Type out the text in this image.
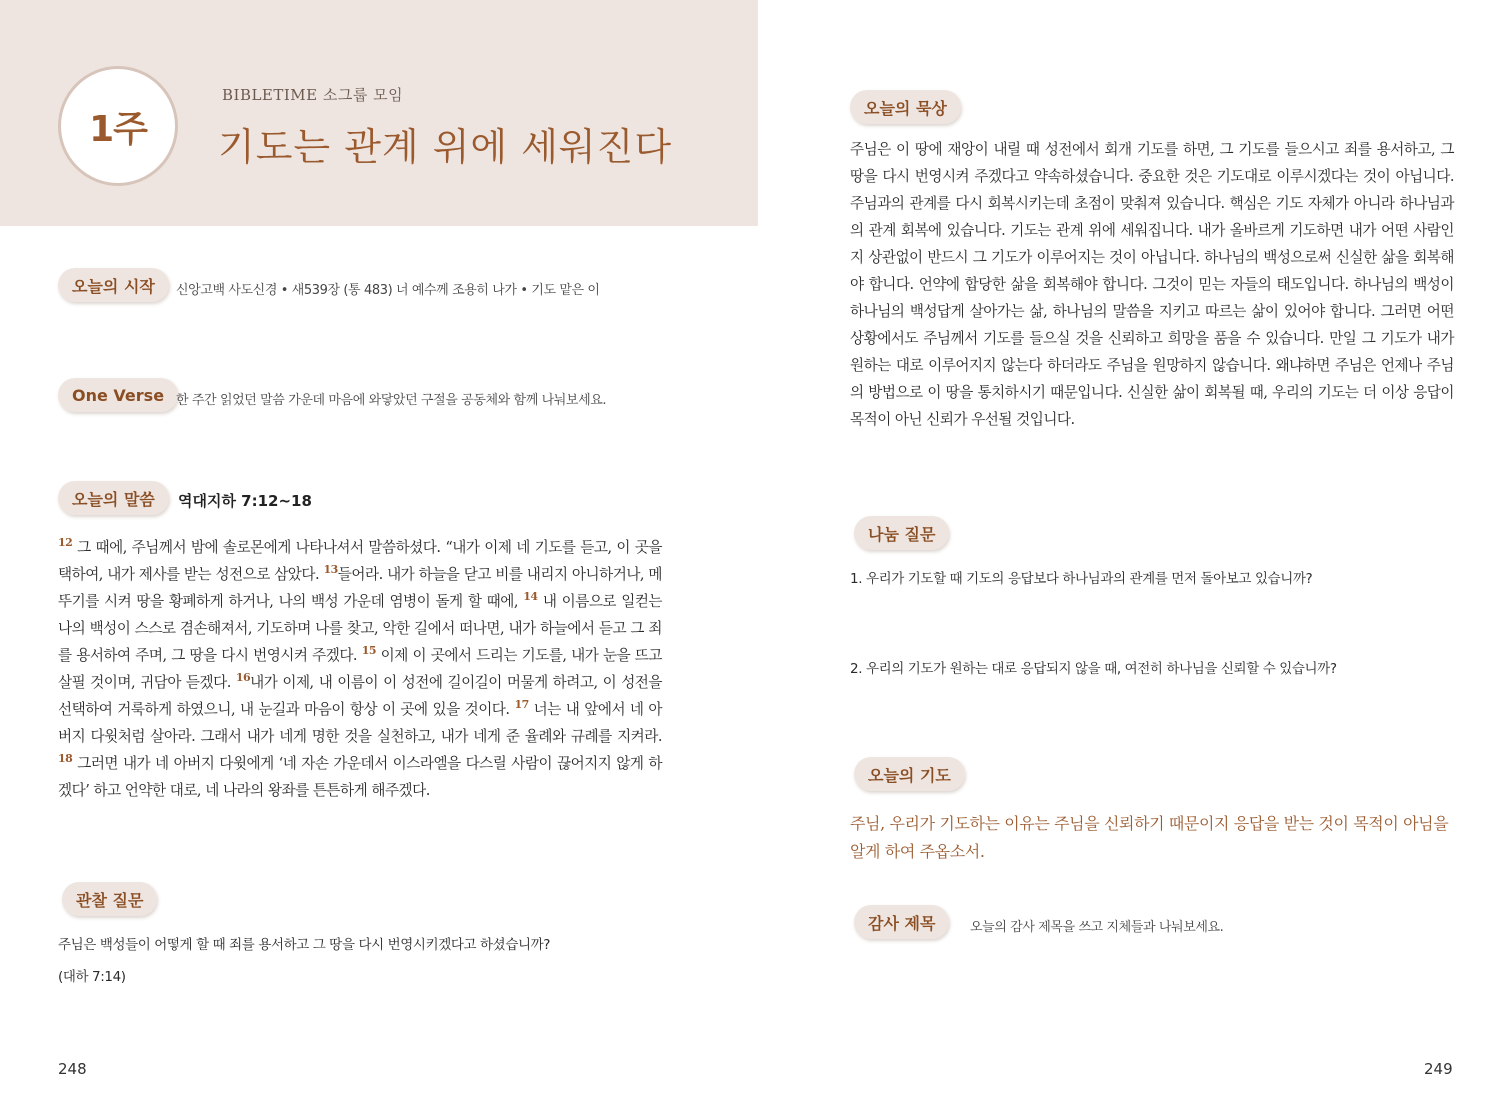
1주
BIBLETIME 소그룹 모임
기도는 관계 위에 세워진다
오늘의 시작	신앙고백 사도신경 • 새539장 (통 483) 너 예수께 조용히 나가 • 기도 맡은 이
One Verse 한 주간 읽었던 말씀 가운데 마음에 와닿았던 구절을 공동체와 함께 나눠보세요.
오늘의 말씀	역대지하 7:12~18
$^{12}$ 그 때에, 주님께서 밤에 솔로몬에게 나타나셔서 말씀하셨다. “내가 이제 네 기도를 듣고, 이 곳을 택하여, 내가 제사를 받는 성전으로 삼았다. $^{13}$들어라. 내가 하늘을 닫고 비를 내리지 아니하거나, 메뚜기를 시켜 땅을 황폐하게 하거나, 나의 백성 가운데 염병이 돌게 할 때에, $^{14}$ 내 이름으로 일컫는 나의 백성이 스스로 겸손해져서, 기도하며 나를 찾고, 악한 길에서 떠나면, 내가 하늘에서 듣고 그 죄를 용서하여 주며, 그 땅을 다시 번영시켜 주겠다. $^{15}$ 이제 이 곳에서 드리는 기도를, 내가 눈을 뜨고 살필 것이며, 귀담아 듣겠다. $^{16}$내가 이제, 내 이름이 이 성전에 길이길이 머물게 하려고, 이 성전을 선택하여 거룩하게 하였으니, 내 눈길과 마음이 항상 이 곳에 있을 것이다. $^{17}$ 너는 내 앞에서 네 아버지 다윗처럼 살아라. 그래서 내가 네게 명한 것을 실천하고, 내가 네게 준 율례와 규례를 지켜라. $^{18}$ 그러면 내가 네 아버지 다윗에게 ‘네 자손 가운데서 이스라엘을 다스릴 사람이 끊어지지 않게 하겠다’ 하고 언약한 대로, 네 나라의 왕좌를 튼튼하게 해주겠다.
관찰 질문
주님은 백성들이 어떻게 할 때 죄를 용서하고 그 땅을 다시 번영시키겠다고 하셨습니까?
(대하 7:14)
248
오늘의 묵상
주님은 이 땅에 재앙이 내릴 때 성전에서 회개 기도를 하면, 그 기도를 들으시고 죄를 용서하고, 그 땅을 다시 번영시켜 주겠다고 약속하셨습니다. 중요한 것은 기도대로 이루시겠다는 것이 아닙니다. 주님과의 관계를 다시 회복시키는데 초점이 맞춰져 있습니다. 핵심은 기도 자체가 아니라 하나님과의 관계 회복에 있습니다. 기도는 관계 위에 세워집니다. 내가 올바르게 기도하면 내가 어떤 사람인지 상관없이 반드시 그 기도가 이루어지는 것이 아닙니다. 하나님의 백성으로써 신실한 삶을 회복해야 합니다. 언약에 합당한 삶을 회복해야 합니다. 그것이 믿는 자들의 태도입니다. 하나님의 백성이 하나님의 백성답게 살아가는 삶, 하나님의 말씀을 지키고 따르는 삶이 있어야 합니다. 그러면 어떤 상황에서도 주님께서 기도를 들으실 것을 신뢰하고 희망을 품을 수 있습니다. 만일 그 기도가 내가 원하는 대로 이루어지지 않는다 하더라도 주님을 원망하지 않습니다. 왜냐하면 주님은 언제나 주님의 방법으로 이 땅을 통치하시기 때문입니다. 신실한 삶이 회복될 때, 우리의 기도는 더 이상 응답이 목적이 아닌 신뢰가 우선될 것입니다.
나눔 질문
1. 우리가 기도할 때 기도의 응답보다 하나님과의 관계를 먼저 돌아보고 있습니까?
2. 우리의 기도가 원하는 대로 응답되지 않을 때, 여전히 하나님을 신뢰할 수 있습니까?
오늘의 기도
주님, 우리가 기도하는 이유는 주님을 신뢰하기 때문이지 응답을 받는 것이 목적이 아님을 알게 하여 주옵소서.
감사 제목	오늘의 감사 제목을 쓰고 지체들과 나눠보세요.
249
